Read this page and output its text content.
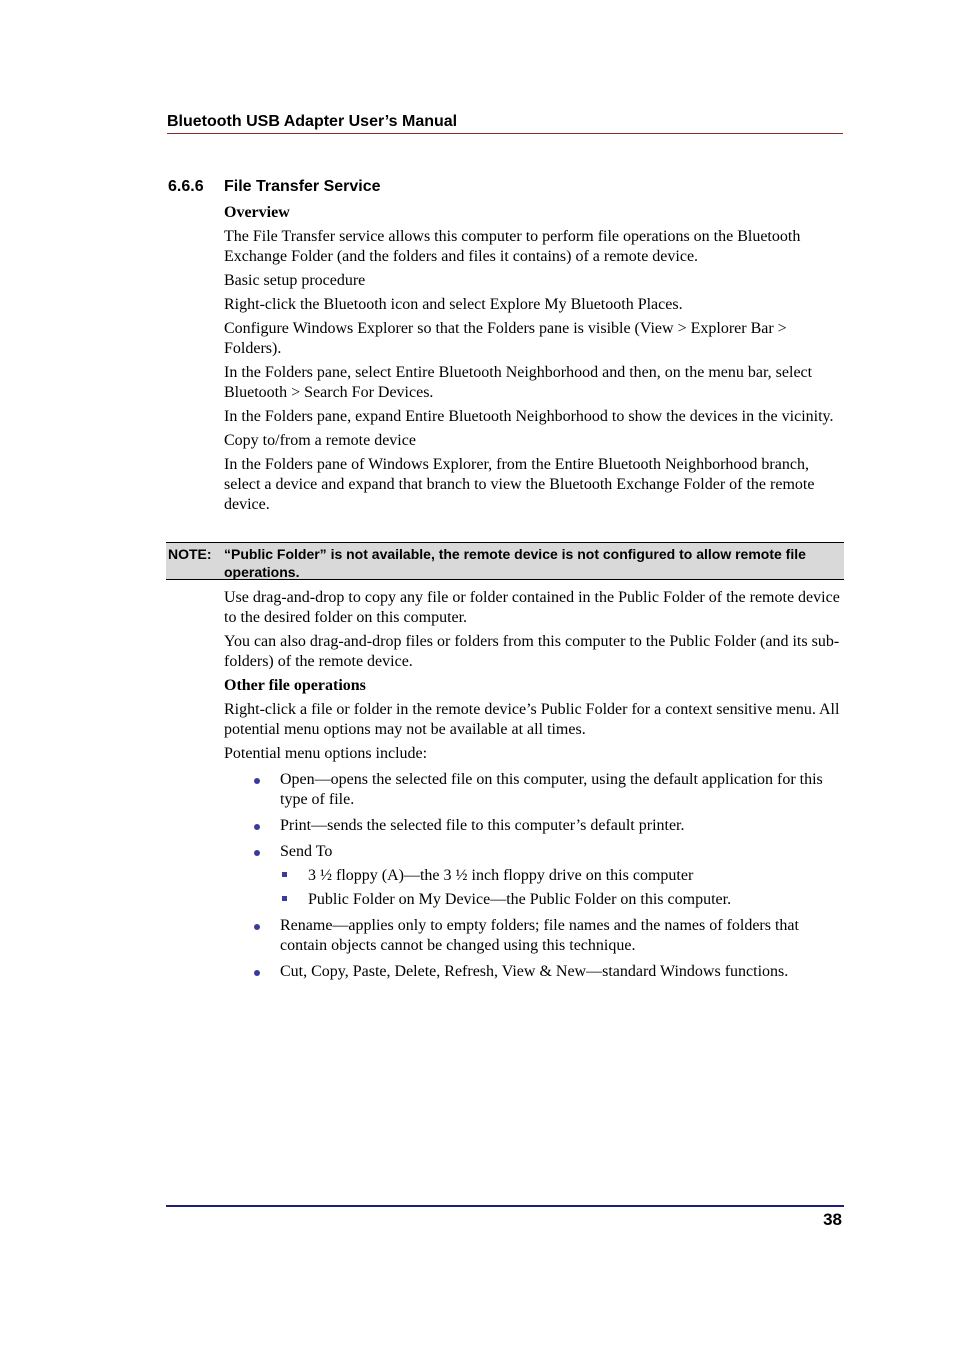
Bluetooth USB Adapter User’s Manual
6.6.6 File Transfer Service

Overview

The File Transfer service allows this computer to perform file operations on the Bluetooth Exchange Folder (and the folders and files it contains) of a remote device.

Basic setup procedure

Right-click the Bluetooth icon and select Explore My Bluetooth Places.

Configure Windows Explorer so that the Folders pane is visible (View > Explorer Bar > Folders).

In the Folders pane, select Entire Bluetooth Neighborhood and then, on the menu bar, select Bluetooth > Search For Devices.

In the Folders pane, expand Entire Bluetooth Neighborhood to show the devices in the vicinity.

Copy to/from a remote device

In the Folders pane of Windows Explorer, from the Entire Bluetooth Neighborhood branch, select a device and expand that branch to view the Bluetooth Exchange Folder of the remote device.

NOTE: “Public Folder” is not available, the remote device is not configured to allow remote file operations.

Use drag-and-drop to copy any file or folder contained in the Public Folder of the remote device to the desired folder on this computer.

You can also drag-and-drop files or folders from this computer to the Public Folder (and its sub-folders) of the remote device.

Other file operations

Right-click a file or folder in the remote device’s Public Folder for a context sensitive menu. All potential menu options may not be available at all times.

Potential menu options include:

Open—opens the selected file on this computer, using the default application for this type of file.
Print—sends the selected file to this computer’s default printer.
Send To
3 ½ floppy (A)—the 3 ½ inch floppy drive on this computer
Public Folder on My Device—the Public Folder on this computer.
Rename—applies only to empty folders; file names and the names of folders that contain objects cannot be changed using this technique.
Cut, Copy, Paste, Delete, Refresh, View & New—standard Windows functions.
38
